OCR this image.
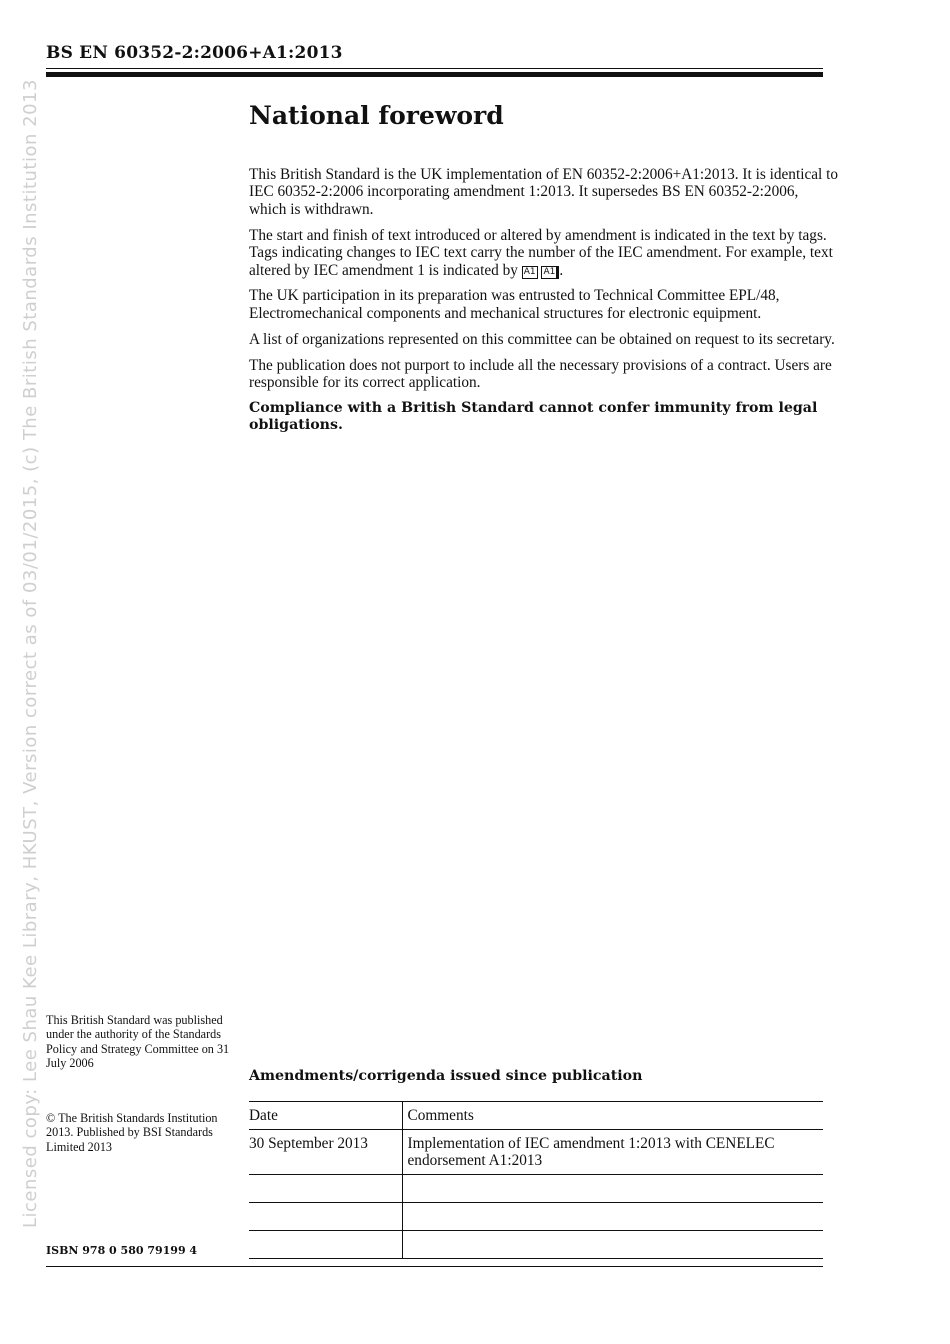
BS EN 60352-2:2006+A1:2013
Licensed copy: Lee Shau Kee Library, HKUST, Version correct as of 03/01/2015, (c) The British Standards Institution 2013	National foreword

This British Standard is the UK implementation of EN 60352-2:2006+A1:2013. It is identical to IEC 60352-2:2006 incorporating amendment 1:2013. It supersedes BS EN 60352-2:2006, which is withdrawn.

The start and finish of text introduced or altered by amendment is indicated in the text by tags. Tags indicating changes to IEC text carry the number of the IEC amendment. For example, text altered by IEC amendment 1 is indicated by A1 A1 .

The UK participation in its preparation was entrusted to Technical Committee EPL/48, Electromechanical components and mechanical structures for electronic equipment.

A list of organizations represented on this committee can be obtained on request to its secretary.

The publication does not purport to include all the necessary provisions of a contract. Users are responsible for its correct application.

Compliance with a British Standard cannot confer immunity from legal obligations.

This British Standard was published under the authority of the Standards Policy and Strategy Committee on 31 July 2006

© The British Standards Institution 2013. Published by BSI Standards Limited 2013

ISBN 978 0 580 79199 4
Amendments/corrigenda issued since publication
Date	Comments
30 September 2013	Implementation of IEC amendment 1:2013 with CENELEC endorsement A1:2013
